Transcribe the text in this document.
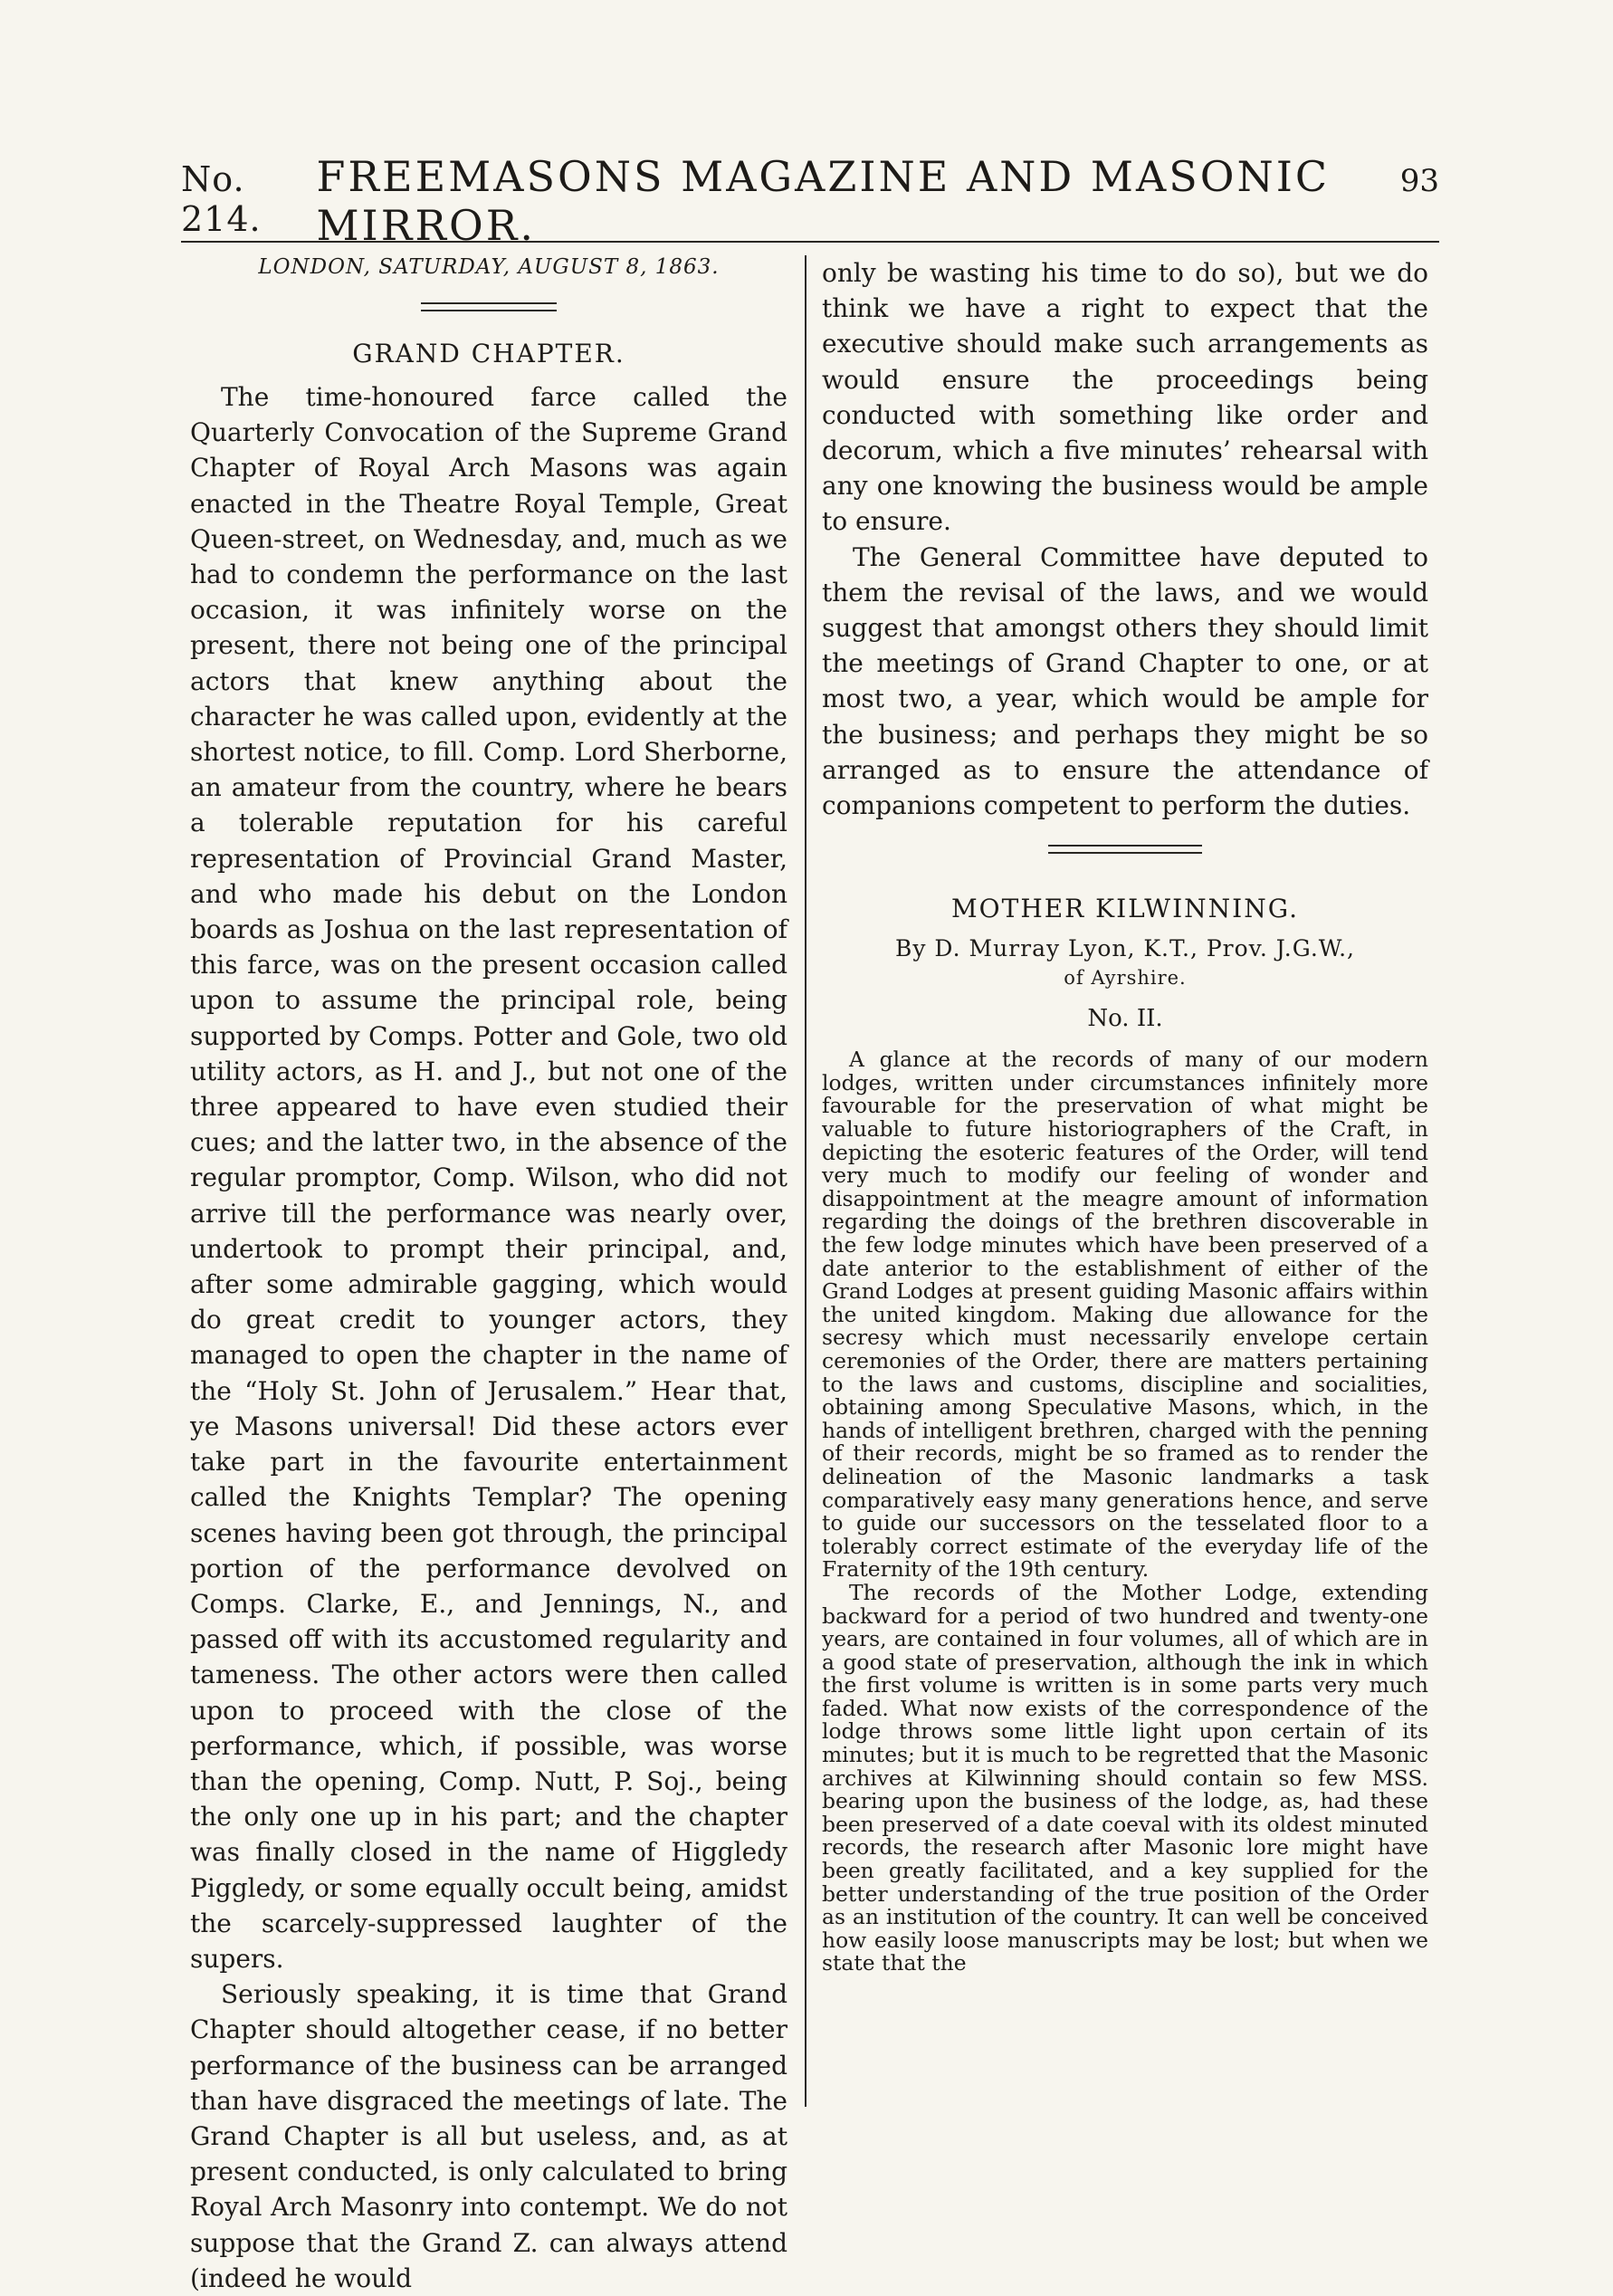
No. 214.
FREEMASONS MAGAZINE AND MASONIC MIRROR.
93
LONDON, SATURDAY, AUGUST 8, 1863.
GRAND CHAPTER.

The time-honoured farce called the Quarterly Convocation of the Supreme Grand Chapter of Royal Arch Masons was again enacted in the Theatre Royal Temple, Great Queen-street, on Wednesday, and, much as we had to condemn the performance on the last occasion, it was infinitely worse on the present, there not being one of the principal actors that knew anything about the character he was called upon, evidently at the shortest notice, to fill. Comp. Lord Sherborne, an amateur from the country, where he bears a tolerable reputation for his careful representation of Provincial Grand Master, and who made his debut on the London boards as Joshua on the last representation of this farce, was on the present occasion called upon to assume the principal role, being supported by Comps. Potter and Gole, two old utility actors, as H. and J., but not one of the three appeared to have even studied their cues; and the latter two, in the absence of the regular promptor, Comp. Wilson, who did not arrive till the performance was nearly over, undertook to prompt their principal, and, after some admirable gagging, which would do great credit to younger actors, they managed to open the chapter in the name of the “Holy St. John of Jerusalem.” Hear that, ye Masons universal! Did these actors ever take part in the favourite entertainment called the Knights Templar? The opening scenes having been got through, the principal portion of the performance devolved on Comps. Clarke, E., and Jennings, N., and passed off with its accustomed regularity and tameness. The other actors were then called upon to proceed with the close of the performance, which, if possible, was worse than the opening, Comp. Nutt, P. Soj., being the only one up in his part; and the chapter was finally closed in the name of Higgledy Piggledy, or some equally occult being, amidst the scarcely-suppressed laughter of the supers.

Seriously speaking, it is time that Grand Chapter should altogether cease, if no better performance of the business can be arranged than have disgraced the meetings of late. The Grand Chapter is all but useless, and, as at present conducted, is only calculated to bring Royal Arch Masonry into contempt. We do not suppose that the Grand Z. can always attend (indeed he would

only be wasting his time to do so), but we do think we have a right to expect that the executive should make such arrangements as would ensure the proceedings being conducted with something like order and decorum, which a five minutes’ rehearsal with any one knowing the business would be ample to ensure.

The General Committee have deputed to them the revisal of the laws, and we would suggest that amongst others they should limit the meetings of Grand Chapter to one, or at most two, a year, which would be ample for the business; and perhaps they might be so arranged as to ensure the attendance of companions competent to perform the duties.

MOTHER KILWINNING.
By D. Murray Lyon, K.T., Prov. J.G.W.,
of Ayrshire.
No. II.

A glance at the records of many of our modern lodges, written under circumstances infinitely more favourable for the preservation of what might be valuable to future historiographers of the Craft, in depicting the esoteric features of the Order, will tend very much to modify our feeling of wonder and disappointment at the meagre amount of information regarding the doings of the brethren discoverable in the few lodge minutes which have been preserved of a date anterior to the establishment of either of the Grand Lodges at present guiding Masonic affairs within the united kingdom. Making due allowance for the secresy which must necessarily envelope certain ceremonies of the Order, there are matters pertaining to the laws and customs, discipline and socialities, obtaining among Speculative Masons, which, in the hands of intelligent brethren, charged with the penning of their records, might be so framed as to render the delineation of the Masonic landmarks a task comparatively easy many generations hence, and serve to guide our successors on the tesselated floor to a tolerably correct estimate of the everyday life of the Fraternity of the 19th century.

The records of the Mother Lodge, extending backward for a period of two hundred and twenty-one years, are contained in four volumes, all of which are in a good state of preservation, although the ink in which the first volume is written is in some parts very much faded. What now exists of the correspondence of the lodge throws some little light upon certain of its minutes; but it is much to be regretted that the Masonic archives at Kilwinning should contain so few MSS. bearing upon the business of the lodge, as, had these been preserved of a date coeval with its oldest minuted records, the research after Masonic lore might have been greatly facilitated, and a key supplied for the better understanding of the true position of the Order as an institution of the country. It can well be conceived how easily loose manuscripts may be lost; but when we state that the
